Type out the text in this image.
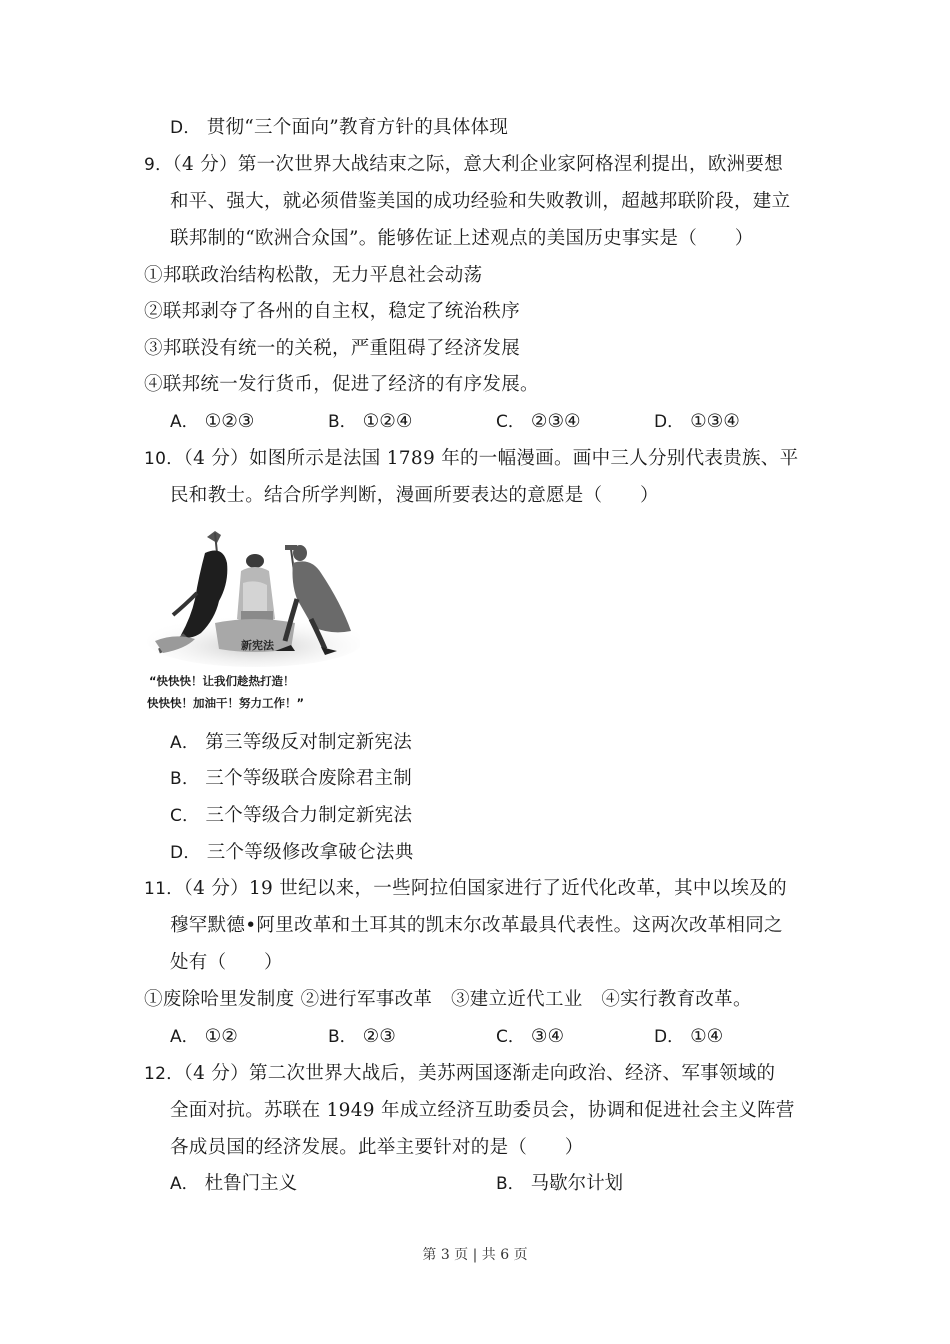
D． 贯彻“三个面向”教育方针的具体体现
9．（4 分）第一次世界大战结束之际，意大利企业家阿格涅利提出，欧洲要想
和平、强大，就必须借鉴美国的成功经验和失败教训，超越邦联阶段，建立
联邦制的“欧洲合众国”。能够佐证上述观点的美国历史事实是（　　）
①邦联政治结构松散，无力平息社会动荡
②联邦剥夺了各州的自主权，稳定了统治秩序
③邦联没有统一的关税，严重阻碍了经济发展
④联邦统一发行货币，促进了经济的有序发展。
A． ①②③	B． ①②④	C． ②③④	D． ①③④
10．（4 分）如图所示是法国 1789 年的一幅漫画。画中三人分别代表贵族、平
民和教士。结合所学判断，漫画所要表达的意愿是（　　）
新宪法
“快快快！让我们趁热打造！
快快快！加油干！努力工作！”
A． 第三等级反对制定新宪法
B． 三个等级联合废除君主制
C． 三个等级合力制定新宪法
D． 三个等级修改拿破仑法典
11．（4 分）19 世纪以来，一些阿拉伯国家进行了近代化改革，其中以埃及的
穆罕默德•阿里改革和土耳其的凯末尔改革最具代表性。这两次改革相同之
处有（　　）
①废除哈里发制度 ②进行军事改革　③建立近代工业　④实行教育改革。
A． ①②	B． ②③	C． ③④	D． ①④
12．（4 分）第二次世界大战后，美苏两国逐渐走向政治、经济、军事领域的
全面对抗。苏联在 1949 年成立经济互助委员会，协调和促进社会主义阵营
各成员国的经济发展。此举主要针对的是（　　）
A． 杜鲁门主义	B． 马歇尔计划
第 3 页 | 共 6 页
